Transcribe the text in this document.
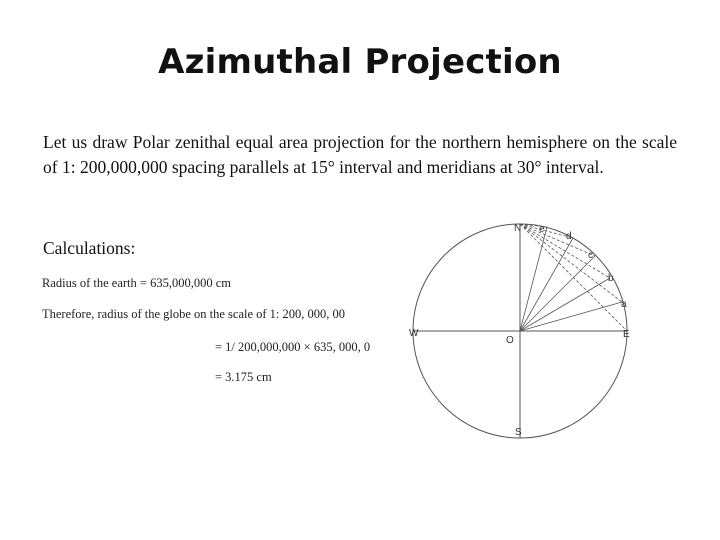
Azimuthal Projection
Let us draw Polar zenithal equal area projection for the northern hemisphere on the scale of 1: 200,000,000 spacing parallels at 15° interval and meridians at 30° interval.
Calculations:
Radius of the earth = 635,000,000 cm
Therefore, radius of the globe on the scale of 1: 200, 000, 00
= 1/ 200,000,000 × 635, 000, 0
= 3.175 cm
N e
d
c
b
a
E
W
O
S
